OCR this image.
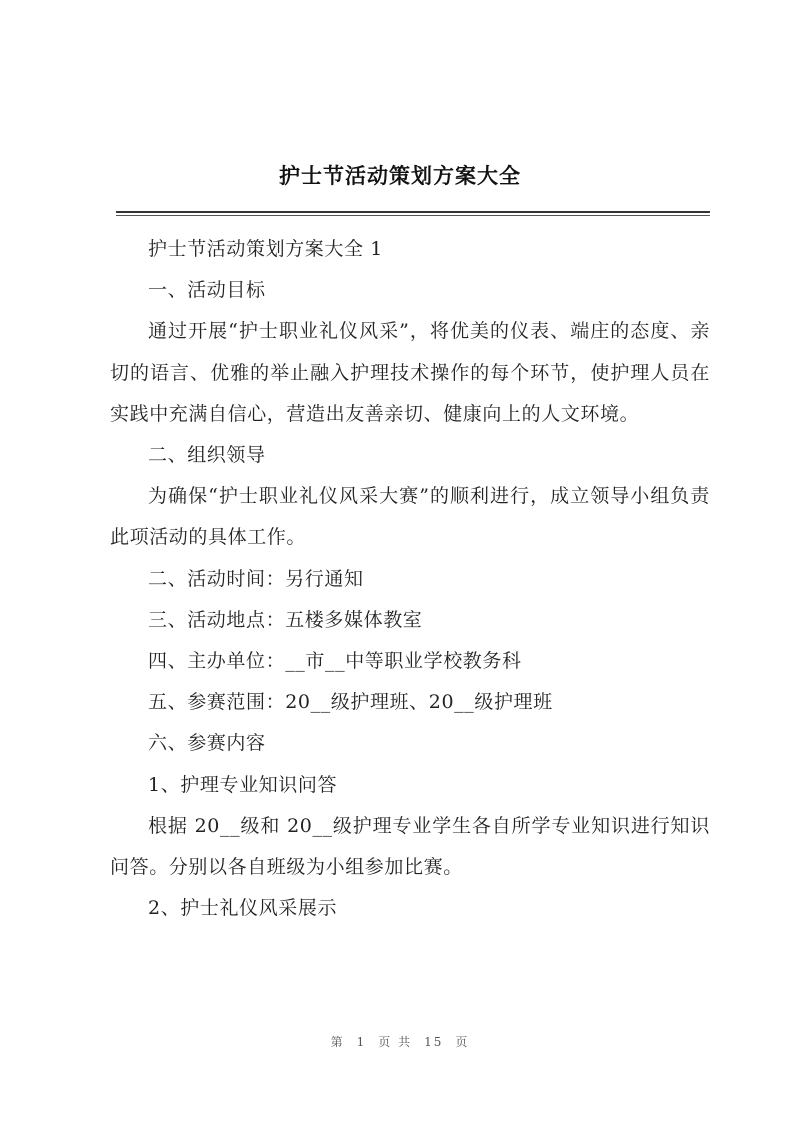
护士节活动策划方案大全

护士节活动策划方案大全 1

一、活动目标

通过开展“护士职业礼仪风采”，将优美的仪表、端庄的态度、亲切的语言、优雅的举止融入护理技术操作的每个环节，使护理人员在实践中充满自信心，营造出友善亲切、健康向上的人文环境。

二、组织领导

为确保“护士职业礼仪风采大赛”的顺利进行，成立领导小组负责此项活动的具体工作。

二、活动时间：另行通知

三、活动地点：五楼多媒体教室

四、主办单位：__市__中等职业学校教务科

五、参赛范围：20__级护理班、20__级护理班

六、参赛内容

1、护理专业知识问答

根据 20__级和 20__级护理专业学生各自所学专业知识进行知识问答。分别以各自班级为小组参加比赛。

2、护士礼仪风采展示

第 1 页 共 15 页
